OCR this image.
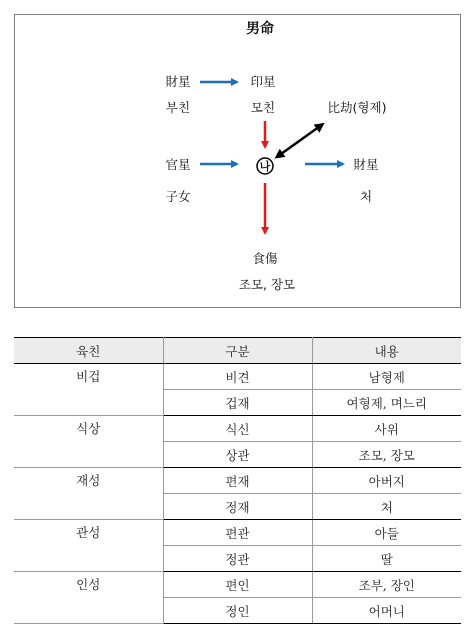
男命
財星
부친
印星
모친	比劫(형제)
官星
子女
나	財星
처
食傷
조모, 장모
육친	구분	내용
비겁	비견	남형제
	겁재	여형제, 며느리
식상	식신	사위
	상관	조모, 장모
재성	편재	아버지
	정재	처
관성	편관	아들
	정관	딸
인성	편인	조부, 장인
	정인	어머니
